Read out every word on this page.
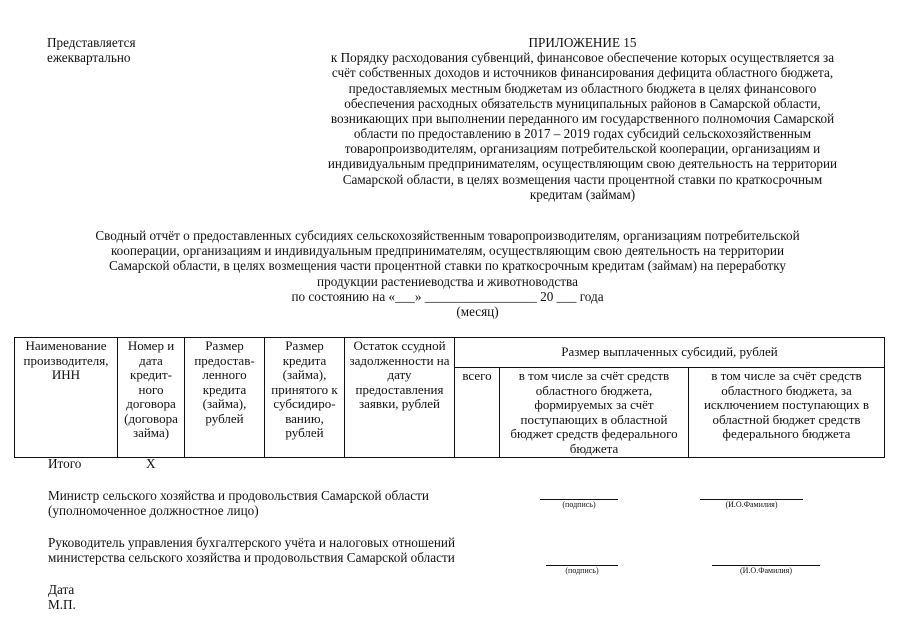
Представляется
ежеквартально
ПРИЛОЖЕНИЕ 15
к Порядку расходования субвенций, финансовое обеспечение которых осуществляется за
счёт собственных доходов и источников финансирования дефицита областного бюджета,
предоставляемых местным бюджетам из областного бюджета в целях финансового
обеспечения расходных обязательств муниципальных районов в Самарской области,
возникающих при выполнении переданного им государственного полномочия Самарской
области по предоставлению в 2017 – 2019 годах субсидий сельскохозяйственным
товаропроизводителям, организациям потребительской кооперации, организациям и
индивидуальным предпринимателям, осуществляющим свою деятельность на территории
Самарской области, в целях возмещения части процентной ставки по краткосрочным
кредитам (займам)
Сводный отчёт о предоставленных субсидиях сельскохозяйственным товаропроизводителям, организациям потребительской
кооперации, организациям и индивидуальным предпринимателям, осуществляющим свою деятельность на территории
Самарской области, в целях возмещения части процентной ставки по краткосрочным кредитам (займам) на переработку
продукции растениеводства и животноводства
по состоянию на «___» _________________ 20 ___ года
(месяц)
Наименование производителя, ИНН	Номер и дата кредит- ного договора (договора займа)	Размер предостав- ленного кредита (займа), рублей	Размер кредита (займа), принятого к субсидиро- ванию, рублей	Остаток ссудной задолженности на дату предоставления заявки, рублей	Размер выплаченных субсидий, рублей		
					всего	в том числе за счёт средств областного бюджета, формируемых за счёт поступающих в областной бюджет средств федерального бюджета	в том числе за счёт средств областного бюджета, за исключением поступающих в областной бюджет средств федерального бюджета
Итого	Х
Министр сельского хозяйства и продовольствия Самарской области
(уполномоченное должностное лицо)	(подпись)	(И.О.Фамилия)
Руководитель управления бухгалтерского учёта и налоговых отношений
министерства сельского хозяйства и продовольствия Самарской области
(подпись)	(И.О.Фамилия)
Дата
М.П.
